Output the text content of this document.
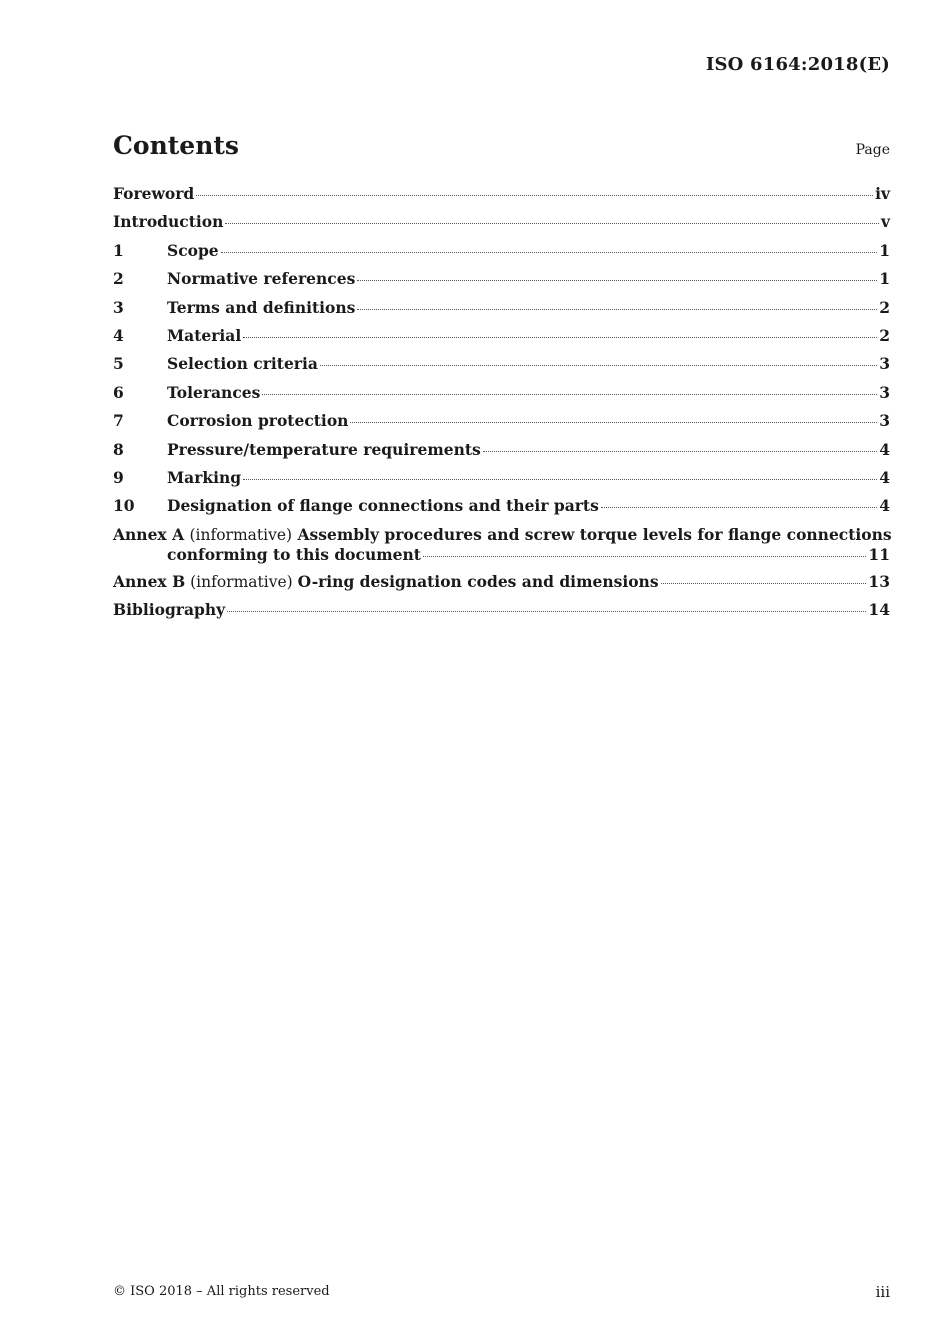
ISO 6164:2018(E)
Contents	Page
Foreword	iv
Introduction	v
1	Scope	1
2	Normative references	1
3	Terms and definitions	2
4	Material	2
5	Selection criteria	3
6	Tolerances	3
7	Corrosion protection	3
8	Pressure/temperature requirements	4
9	Marking	4
10	Designation of flange connections and their parts	4
Annex A (informative) Assembly procedures and screw torque levels for flange connections
conforming to this document	11
Annex B (informative) O-ring designation codes and dimensions	13
Bibliography	14
© ISO 2018 – All rights reserved	iii
